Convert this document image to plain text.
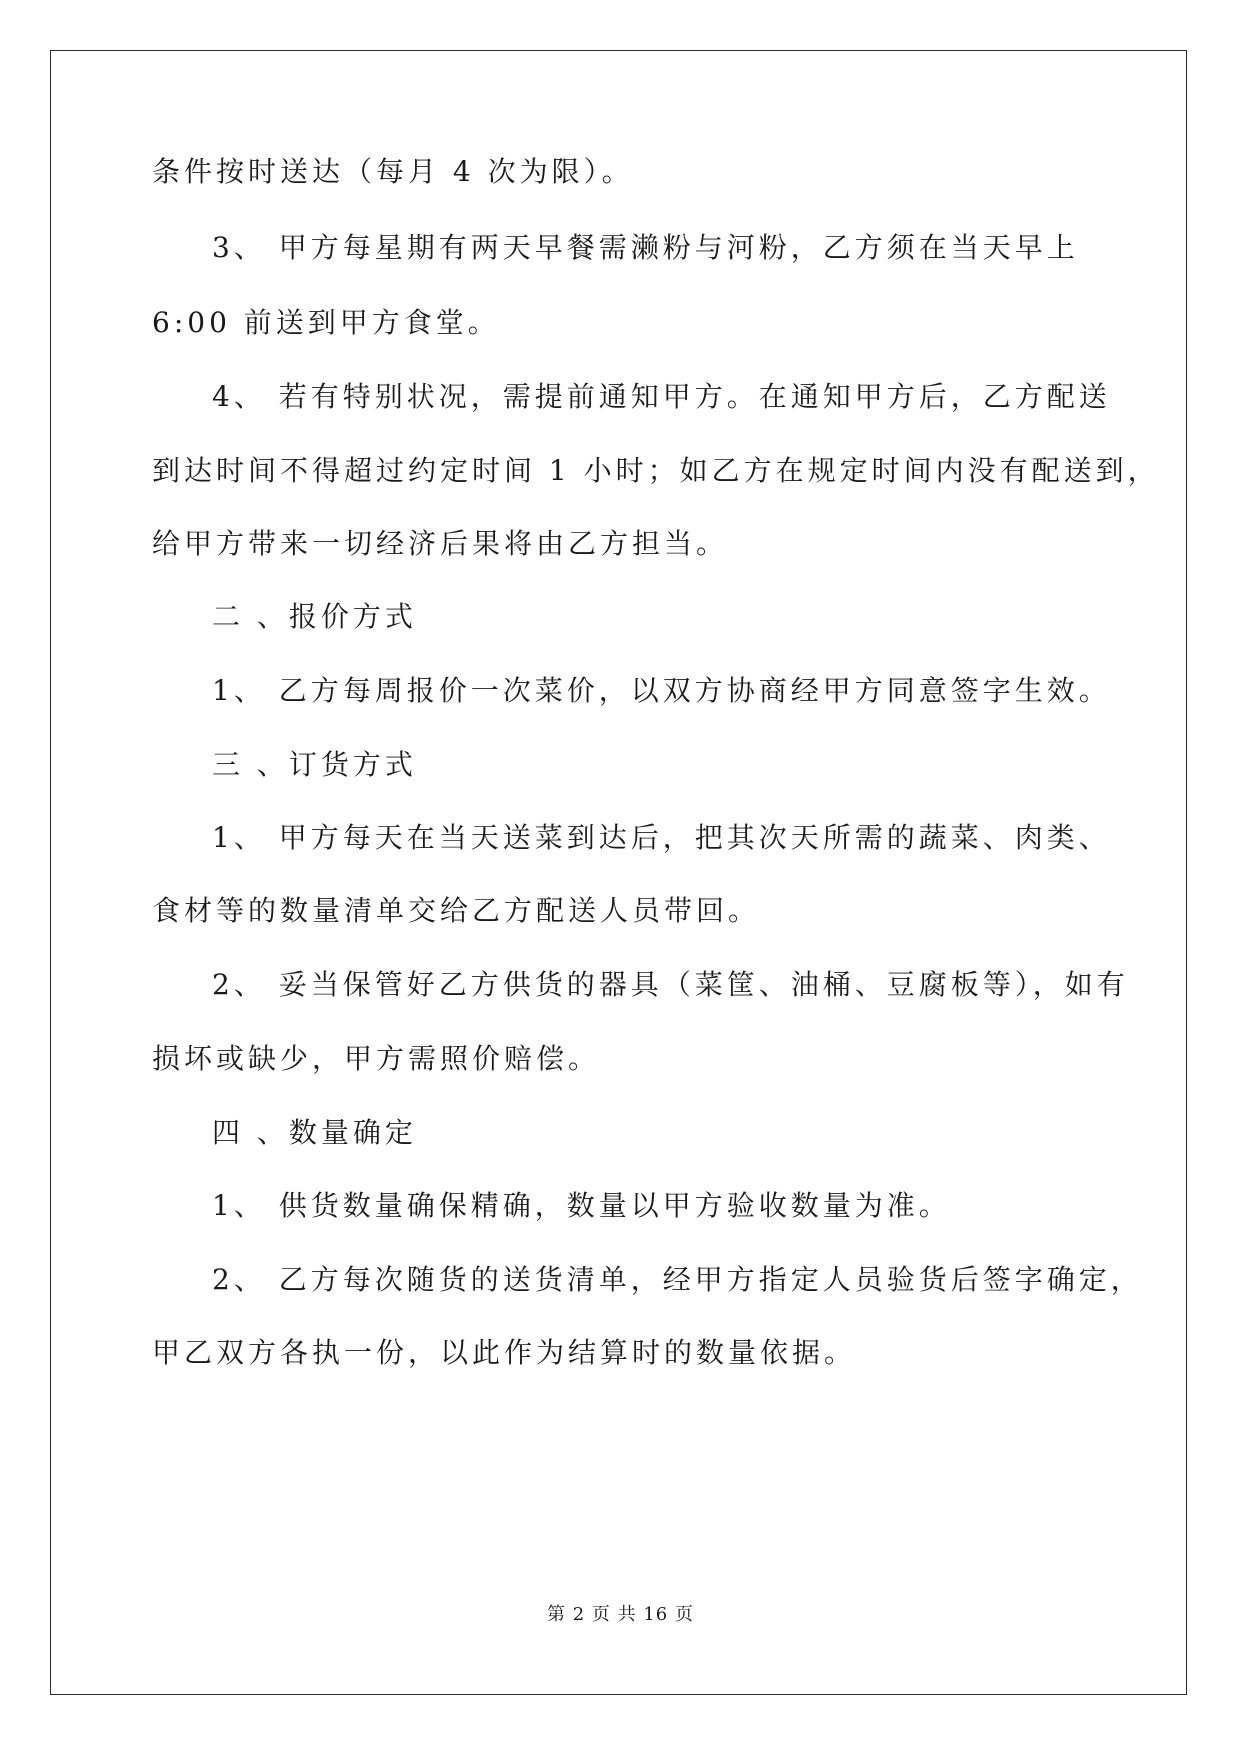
条件按时送达（每月 4 次为限）。
3、 甲方每星期有两天早餐需濑粉与河粉，乙方须在当天早上
6:00 前送到甲方食堂。
4、 若有特别状况，需提前通知甲方。在通知甲方后，乙方配送
到达时间不得超过约定时间 1 小时；如乙方在规定时间内没有配送到，
给甲方带来一切经济后果将由乙方担当。
二 、报价方式
1、 乙方每周报价一次菜价，以双方协商经甲方同意签字生效。
三 、订货方式
1、 甲方每天在当天送菜到达后，把其次天所需的蔬菜、肉类、
食材等的数量清单交给乙方配送人员带回。
2、 妥当保管好乙方供货的器具（菜筐、油桶、豆腐板等），如有
损坏或缺少，甲方需照价赔偿。
四 、数量确定
1、 供货数量确保精确，数量以甲方验收数量为准。
2、 乙方每次随货的送货清单，经甲方指定人员验货后签字确定，
甲乙双方各执一份，以此作为结算时的数量依据。
第 2 页 共 16 页
